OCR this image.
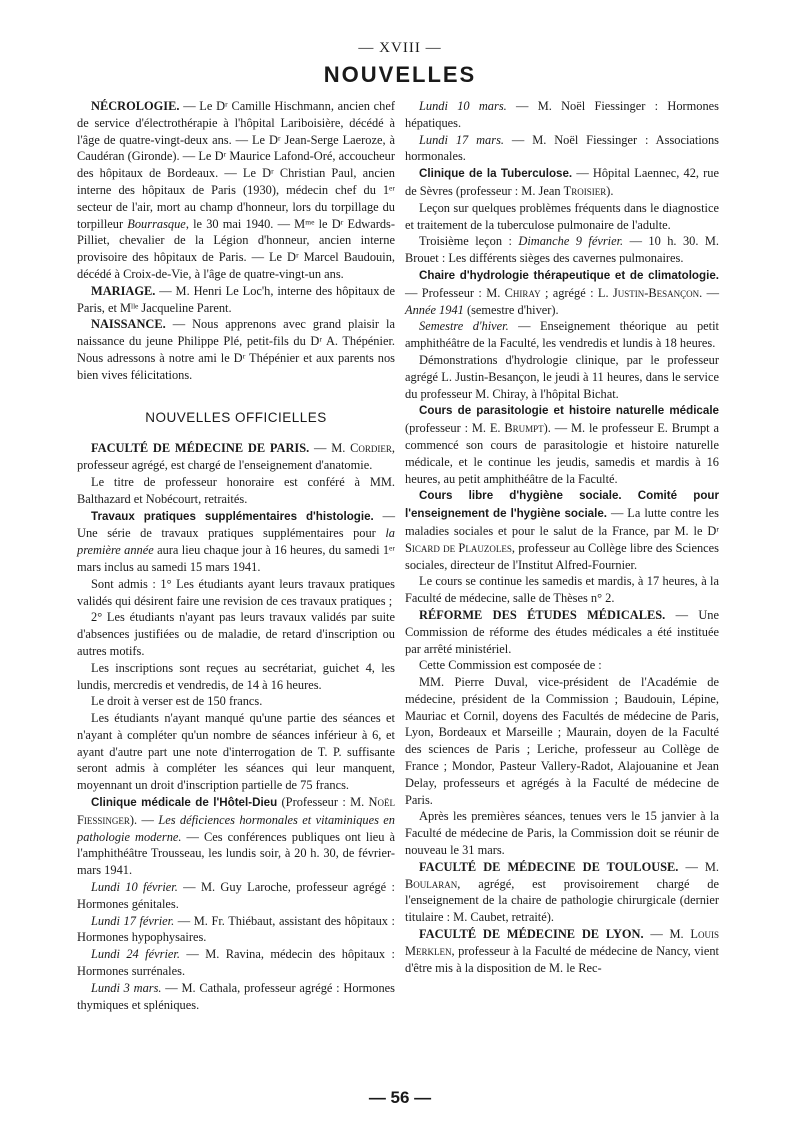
— XVIII —
NOUVELLES

NÉCROLOGIE. — Le Dʳ Camille Hischmann, ancien chef de service d'électrothérapie à l'hôpital Lariboisière, décédé à l'âge de quatre-vingt-deux ans. — Le Dʳ Jean-Serge Laeroze, à Caudéran (Gironde). — Le Dʳ Maurice Lafond-Oré, accoucheur des hôpitaux de Bordeaux. — Le Dʳ Christian Paul, ancien interne des hôpitaux de Paris (1930), médecin chef du 1ᵉʳ secteur de l'air, mort au champ d'honneur, lors du torpillage du torpilleur Bourrasque, le 30 mai 1940. — Mᵐᵉ le Dʳ Edwards-Pilliet, chevalier de la Légion d'honneur, ancien interne provisoire des hôpitaux de Paris. — Le Dʳ Marcel Baudouin, décédé à Croix-de-Vie, à l'âge de quatre-vingt-un ans.

MARIAGE. — M. Henri Le Loc'h, interne des hôpitaux de Paris, et Mˡˡᵉ Jacqueline Parent.

NAISSANCE. — Nous apprenons avec grand plaisir la naissance du jeune Philippe Plé, petit-fils du Dʳ A. Thépénier. Nous adressons à notre ami le Dʳ Thépénier et aux parents nos bien vives félicitations.

NOUVELLES OFFICIELLES

FACULTÉ DE MÉDECINE DE PARIS. — M. Cordier, professeur agrégé, est chargé de l'enseignement d'anatomie.

Le titre de professeur honoraire est conféré à MM. Balthazard et Nobécourt, retraités.

Travaux pratiques supplémentaires d'histologie. — Une série de travaux pratiques supplémentaires pour la première année aura lieu chaque jour à 16 heures, du samedi 1ᵉʳ mars inclus au samedi 15 mars 1941.

Sont admis : 1° Les étudiants ayant leurs travaux pratiques validés qui désirent faire une revision de ces travaux pratiques ;

2° Les étudiants n'ayant pas leurs travaux validés par suite d'absences justifiées ou de maladie, de retard d'inscription ou autres motifs.

Les inscriptions sont reçues au secrétariat, guichet 4, les lundis, mercredis et vendredis, de 14 à 16 heures.

Le droit à verser est de 150 francs.

Les étudiants n'ayant manqué qu'une partie des séances et n'ayant à compléter qu'un nombre de séances inférieur à 6, et ayant d'autre part une note d'interrogation de T. P. suffisante seront admis à compléter les séances qui leur manquent, moyennant un droit d'inscription partielle de 75 francs.

Clinique médicale de l'Hôtel-Dieu (Professeur : M. Noël Fiessinger). — Les déficiences hormonales et vitaminiques en pathologie moderne. — Ces conférences publiques ont lieu à l'amphithéâtre Trousseau, les lundis soir, à 20 h. 30, de février-mars 1941.

Lundi 10 février. — M. Guy Laroche, professeur agrégé : Hormones génitales.

Lundi 17 février. — M. Fr. Thiébaut, assistant des hôpitaux : Hormones hypophysaires.

Lundi 24 février. — M. Ravina, médecin des hôpitaux : Hormones surrénales.

Lundi 3 mars. — M. Cathala, professeur agrégé : Hormones thymiques et spléniques.

Lundi 10 mars. — M. Noël Fiessinger : Hormones hépatiques.

Lundi 17 mars. — M. Noël Fiessinger : Associations hormonales.

Clinique de la Tuberculose. — Hôpital Laennec, 42, rue de Sèvres (professeur : M. Jean Troisier).

Leçon sur quelques problèmes fréquents dans le diagnostice et traitement de la tuberculose pulmonaire de l'adulte.

Troisième leçon : Dimanche 9 février. — 10 h. 30. M. Brouet : Les différents sièges des cavernes pulmonaires.

Chaire d'hydrologie thérapeutique et de climatologie. — Professeur : M. Chiray ; agrégé : L. Justin-Besançon. — Année 1941 (semestre d'hiver).

Semestre d'hiver. — Enseignement théorique au petit amphithéâtre de la Faculté, les vendredis et lundis à 18 heures.

Démonstrations d'hydrologie clinique, par le professeur agrégé L. Justin-Besançon, le jeudi à 11 heures, dans le service du professeur M. Chiray, à l'hôpital Bichat.

Cours de parasitologie et histoire naturelle médicale (professeur : M. E. Brumpt). — M. le professeur E. Brumpt a commencé son cours de parasitologie et histoire naturelle médicale, et le continue les jeudis, samedis et mardis à 16 heures, au petit amphithéâtre de la Faculté.

Cours libre d'hygiène sociale. Comité pour l'enseignement de l'hygiène sociale. — La lutte contre les maladies sociales et pour le salut de la France, par M. le Dʳ Sicard de Plauzoles, professeur au Collège libre des Sciences sociales, directeur de l'Institut Alfred-Fournier.

Le cours se continue les samedis et mardis, à 17 heures, à la Faculté de médecine, salle de Thèses n° 2.

RÉFORME DES ÉTUDES MÉDICALES. — Une Commission de réforme des études médicales a été instituée par arrêté ministériel.

Cette Commission est composée de :

MM. Pierre Duval, vice-président de l'Académie de médecine, président de la Commission ; Baudouin, Lépine, Mauriac et Cornil, doyens des Facultés de médecine de Paris, Lyon, Bordeaux et Marseille ; Maurain, doyen de la Faculté des sciences de Paris ; Leriche, professeur au Collège de France ; Mondor, Pasteur Vallery-Radot, Alajouanine et Jean Delay, professeurs et agrégés à la Faculté de médecine de Paris.

Après les premières séances, tenues vers le 15 janvier à la Faculté de médecine de Paris, la Commission doit se réunir de nouveau le 31 mars.

FACULTÉ DE MÉDECINE DE TOULOUSE. — M. Boularan, agrégé, est provisoirement chargé de l'enseignement de la chaire de pathologie chirurgicale (dernier titulaire : M. Caubet, retraité).

FACULTÉ DE MÉDECINE DE LYON. — M. Louis Merklen, professeur à la Faculté de médecine de Nancy, vient d'être mis à la disposition de M. le Rec-

— 56 —
